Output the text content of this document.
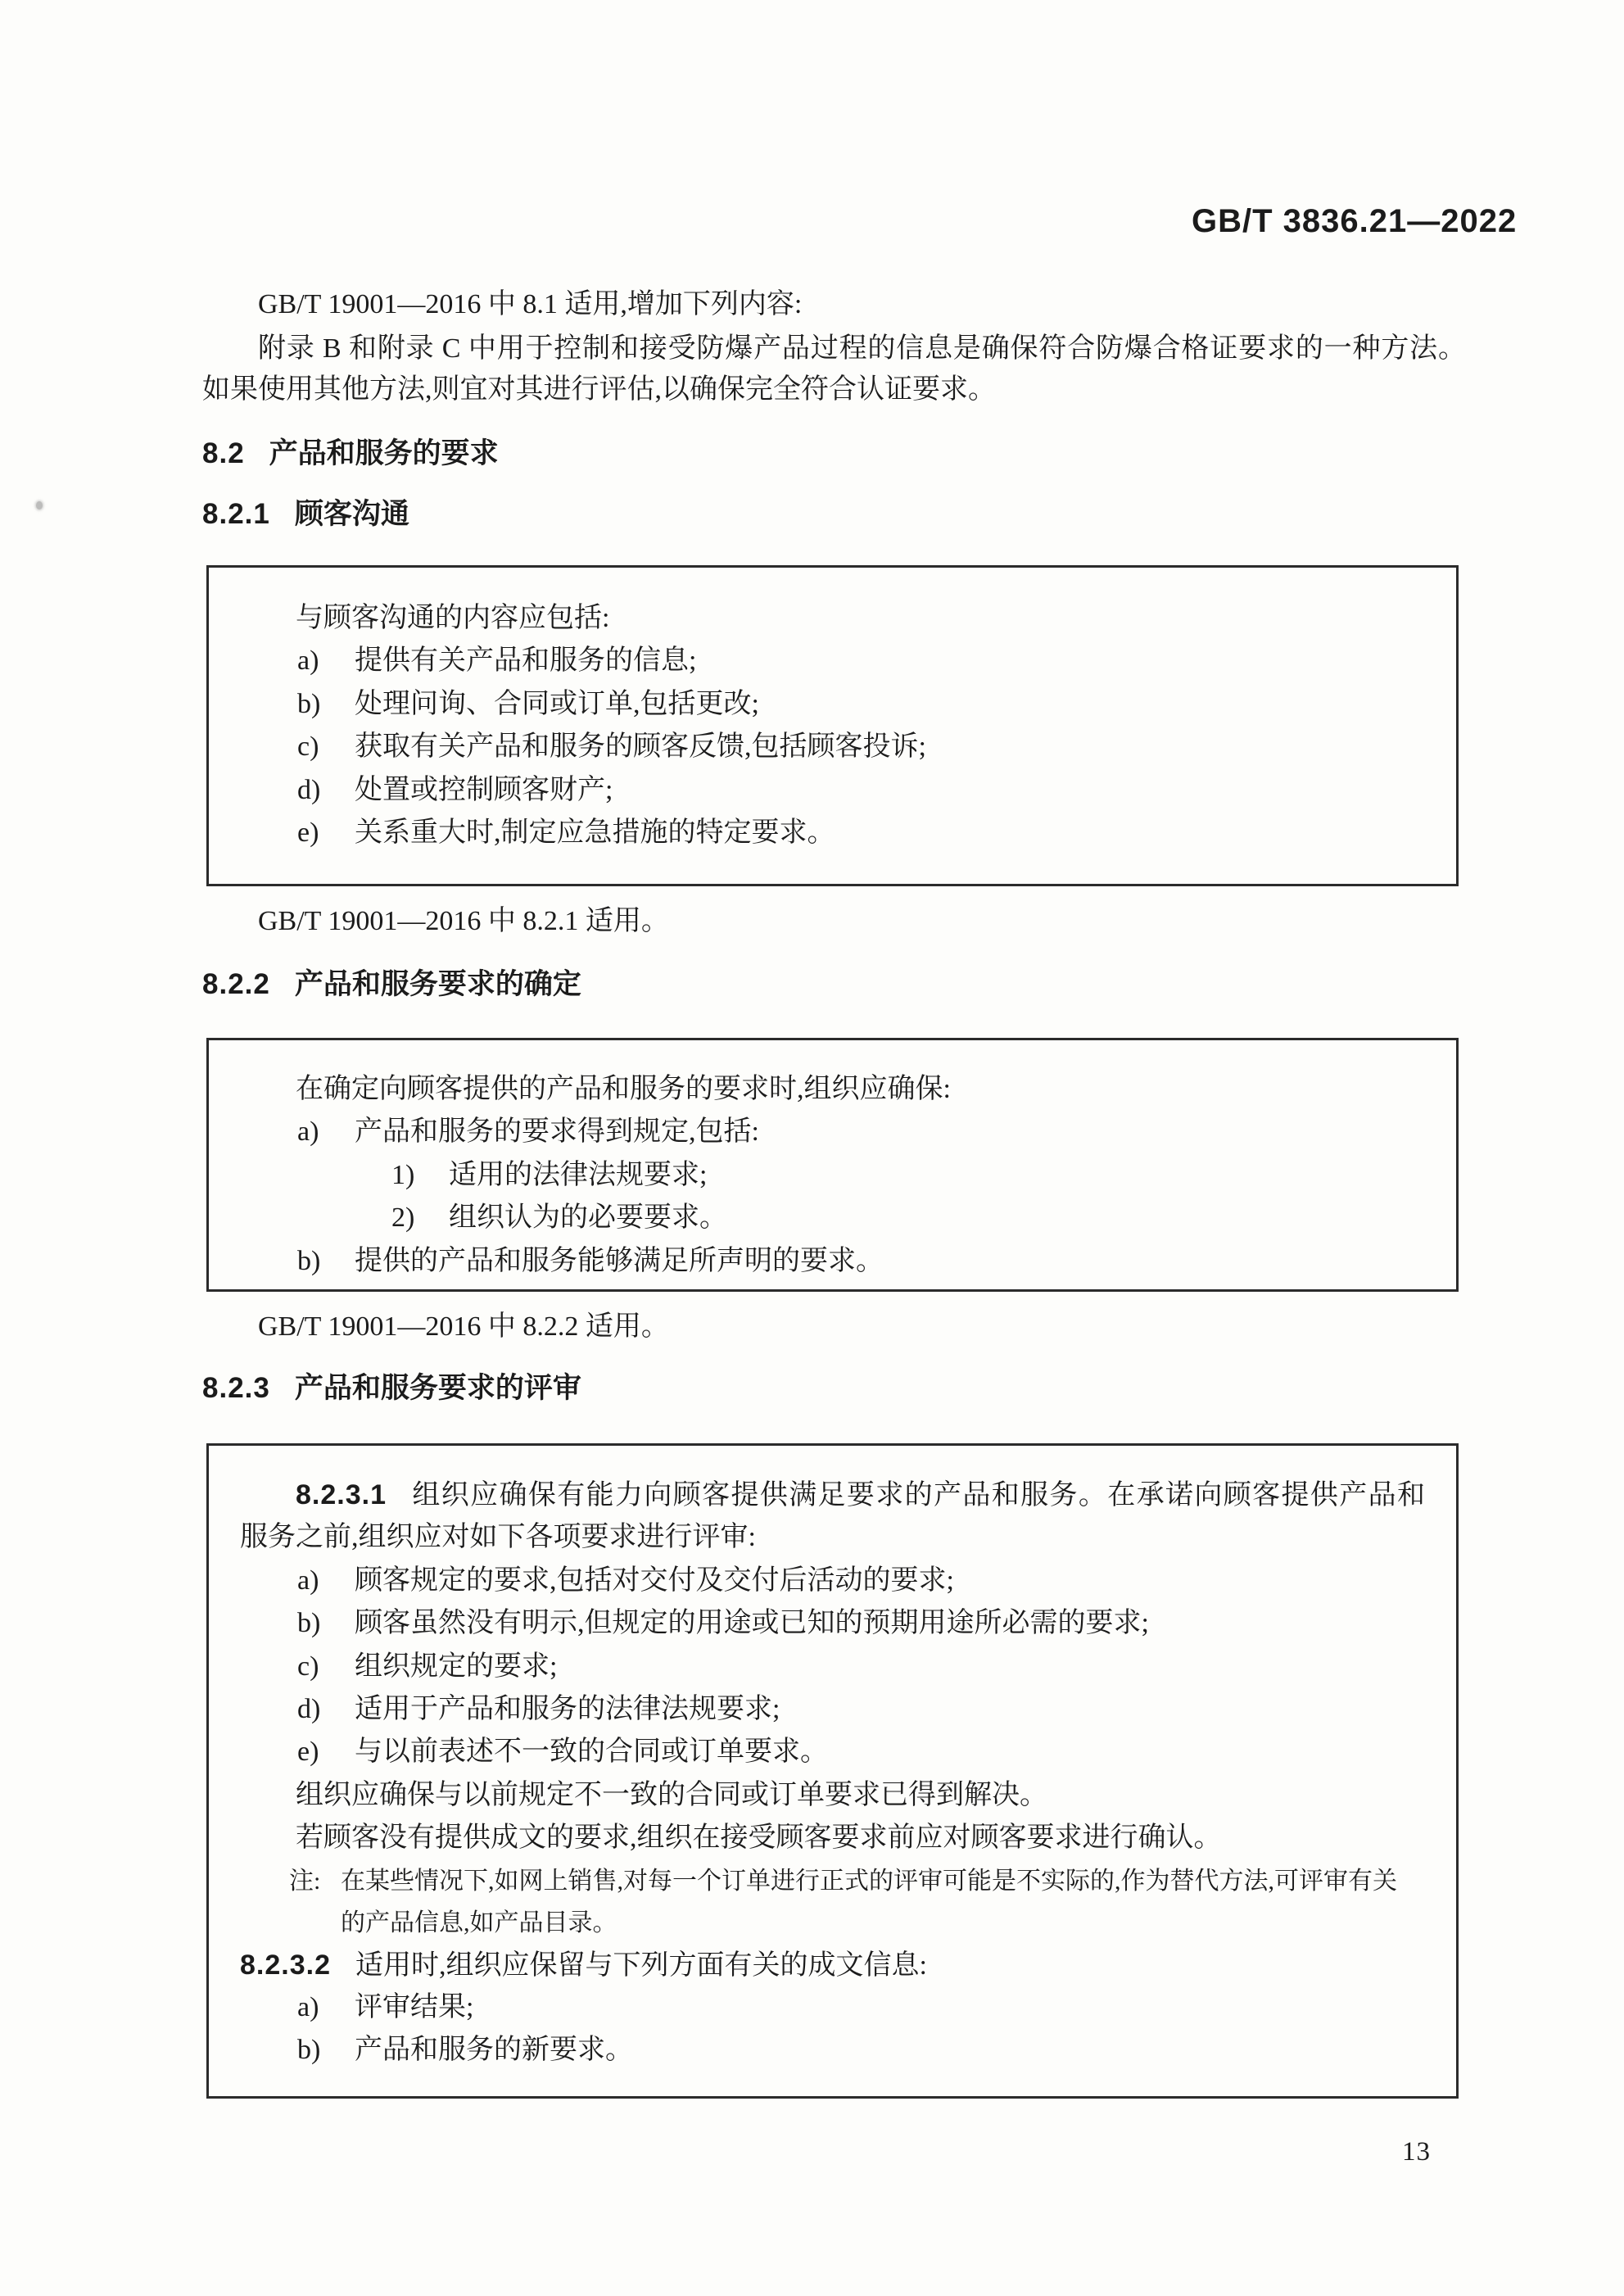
GB/T 3836.21—2022
GB/T 19001—2016 中 8.1 适用,增加下列内容:
附录 B 和附录 C 中用于控制和接受防爆产品过程的信息是确保符合防爆合格证要求的一种方法。
如果使用其他方法,则宜对其进行评估,以确保完全符合认证要求。
8.2 产品和服务的要求
8.2.1 顾客沟通
与顾客沟通的内容应包括:
a) 提供有关产品和服务的信息;
b) 处理问询、合同或订单,包括更改;
c) 获取有关产品和服务的顾客反馈,包括顾客投诉;
d) 处置或控制顾客财产;
e) 关系重大时,制定应急措施的特定要求。
GB/T 19001—2016 中 8.2.1 适用。
8.2.2 产品和服务要求的确定
在确定向顾客提供的产品和服务的要求时,组织应确保:
a) 产品和服务的要求得到规定,包括:
1) 适用的法律法规要求;
2) 组织认为的必要要求。
b) 提供的产品和服务能够满足所声明的要求。
GB/T 19001—2016 中 8.2.2 适用。
8.2.3 产品和服务要求的评审
8.2.3.1 组织应确保有能力向顾客提供满足要求的产品和服务。在承诺向顾客提供产品和
服务之前,组织应对如下各项要求进行评审:
a) 顾客规定的要求,包括对交付及交付后活动的要求;
b) 顾客虽然没有明示,但规定的用途或已知的预期用途所必需的要求;
c) 组织规定的要求;
d) 适用于产品和服务的法律法规要求;
e) 与以前表述不一致的合同或订单要求。
组织应确保与以前规定不一致的合同或订单要求已得到解决。
若顾客没有提供成文的要求,组织在接受顾客要求前应对顾客要求进行确认。
注: 在某些情况下,如网上销售,对每一个订单进行正式的评审可能是不实际的,作为替代方法,可评审有关
的产品信息,如产品目录。
8.2.3.2 适用时,组织应保留与下列方面有关的成文信息:
a) 评审结果;
b) 产品和服务的新要求。
13
